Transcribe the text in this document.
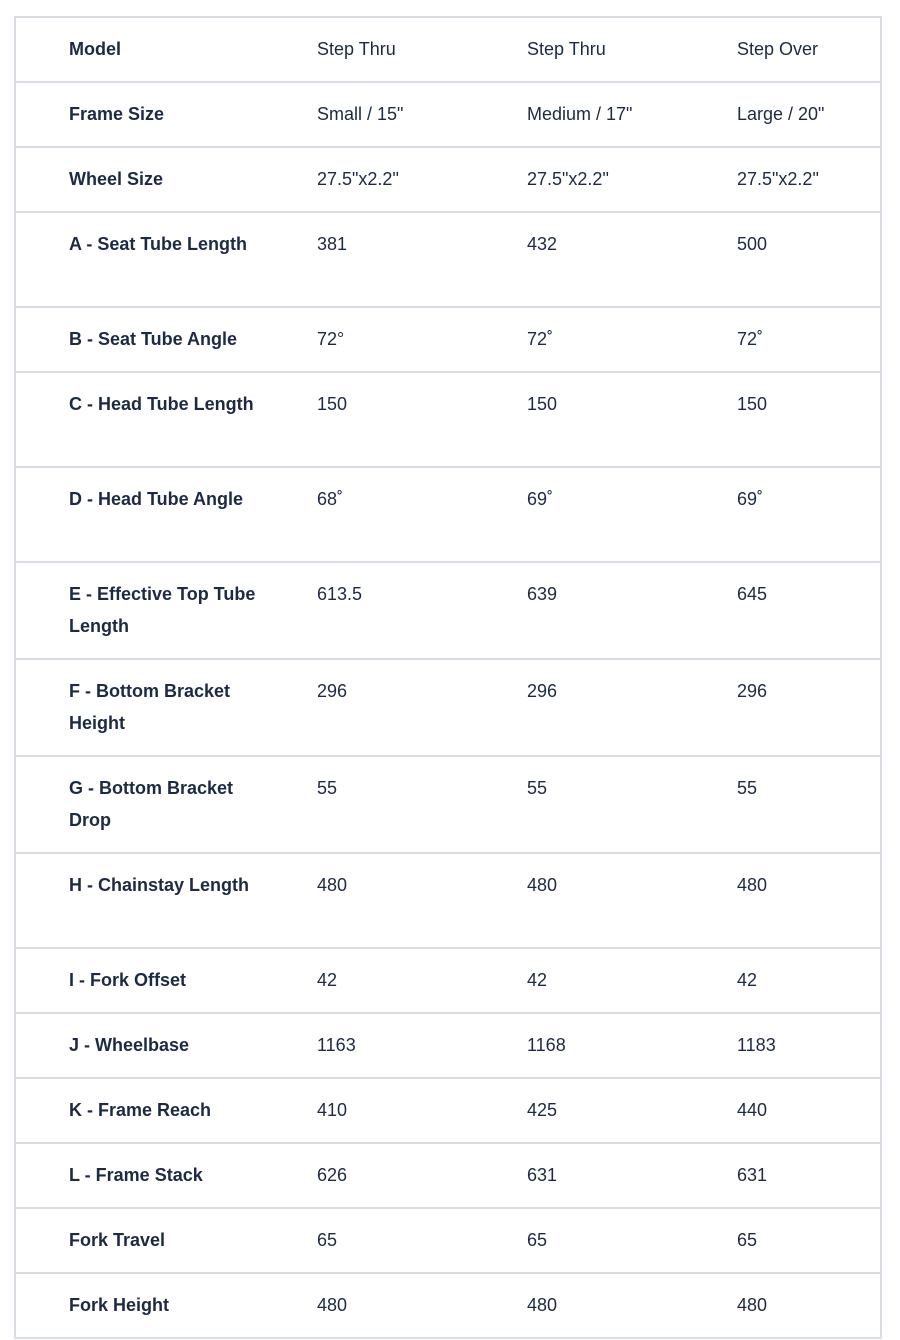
Model	Step Thru	Step Thru	Step Over
Frame Size	Small / 15"	Medium / 17"	Large / 20"
Wheel Size	27.5"x2.2"	27.5"x2.2"	27.5"x2.2"
A - Seat Tube Length	381	432	500
B - Seat Tube Angle	72°	72˚	72˚
C - Head Tube Length	150	150	150
D - Head Tube Angle	68˚	69˚	69˚
E - Effective Top Tube Length	613.5	639	645
F - Bottom Bracket Height	296	296	296
G - Bottom Bracket Drop	55	55	55
H - Chainstay Length	480	480	480
I - Fork Offset	42	42	42
J - Wheelbase	1163	1168	1183
K - Frame Reach	410	425	440
L - Frame Stack	626	631	631
Fork Travel	65	65	65
Fork Height	480	480	480
